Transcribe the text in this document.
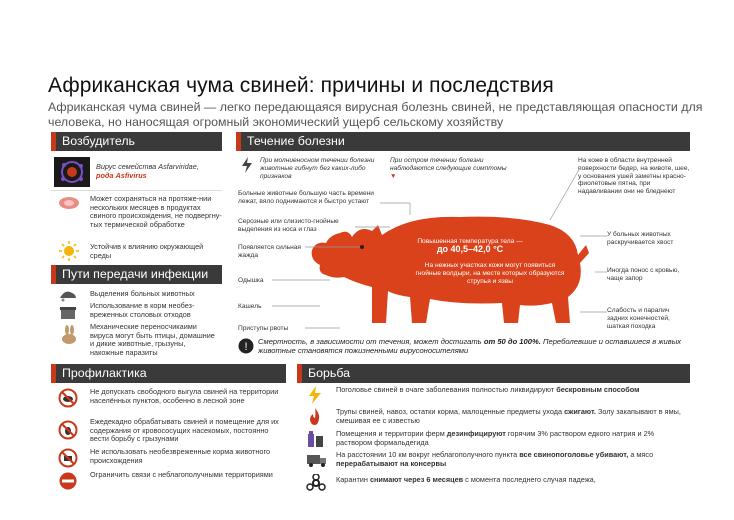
Африканская чума свиней: причины и последствия
Африканская чума свиней — легко передающаяся вирусная болезнь свиней, не представляющая опасности для человека, но наносящая огромный экономический ущерб сельскому хозяйству
Возбудитель
Вирус семейства Asfarviridae,
рода Asfivirus
Может сохраняться на протяже-нии нескольких месяцев в продуктах свиного происхождения, не подвергну-тых термической обработке
Устойчив к влиянию окружающей среды
Пути передачи инфекции
Выделения больных животных
Использование в корм необез-вреженных столовых отходов
Механические переносчикаими вируса могут быть птицы, домашние и дикие животные, грызуны, накожные паразиты
Течение болезни
При молниеносном течении болезни животные гибнут без каких-либо признаков
При остром течении болезни наблюдаются следующие симптомы ▼
Повышенная температура тела —
до 40,5–42,0 °C
На нежных участках кожи могут появиться гнойные волдыри, на месте которых образуются струпья и язвы
Больные животные большую часть времени лежат, вяло поднимаются и быстро устают
Серозные или слизисто-гнойные выделения из носа и глаз
Появляется сильная жажда
Одышка
Кашель
Приступы рвоты
На коже в области внутренней поверхности бедер, на животе, шее, у основания ушей заметны красно-фиолетовые пятна, при надавливании они не бледнеют
У больных животных раскручивается хвост
Иногда понос с кровью, чаще запор
Слабость и паралич задних конечностей, шаткая походка
! Смертность, в зависимости от течения, может достигать от 50 до 100%. Переболевшие и оставшиеся в живых животные становятся пожизненными вирусоносителями
Профилактика
Не допускать свободного выгула свиней на территории населённых пунктов, особенно в лесной зоне
Ежедекадно обрабатывать свиней и помещение для их содержания от кровососущих насекомых, постоянно вести борьбу с грызунами
Не использовать необезвреженные корма животного происхождения
Ограничить связи с неблагополучными территориями
Борьба
Поголовье свиней в очаге заболевания полностью ликвидируют бескровным способом
Трупы свиней, навоз, остатки корма, малоценные предметы ухода сжигают. Золу закапывают в ямы, смешивая ее с известью
Помещения и территории ферм дезинфицируют горячим 3% раствором едкого натрия и 2% раствором формальдегида
На расстоянии 10 км вокруг неблагополучного пункта все свинопоголовье убивают, а мясо перерабатывают на консервы
Карантин снимают через 6 месяцев с момента последнего случая падежа,
